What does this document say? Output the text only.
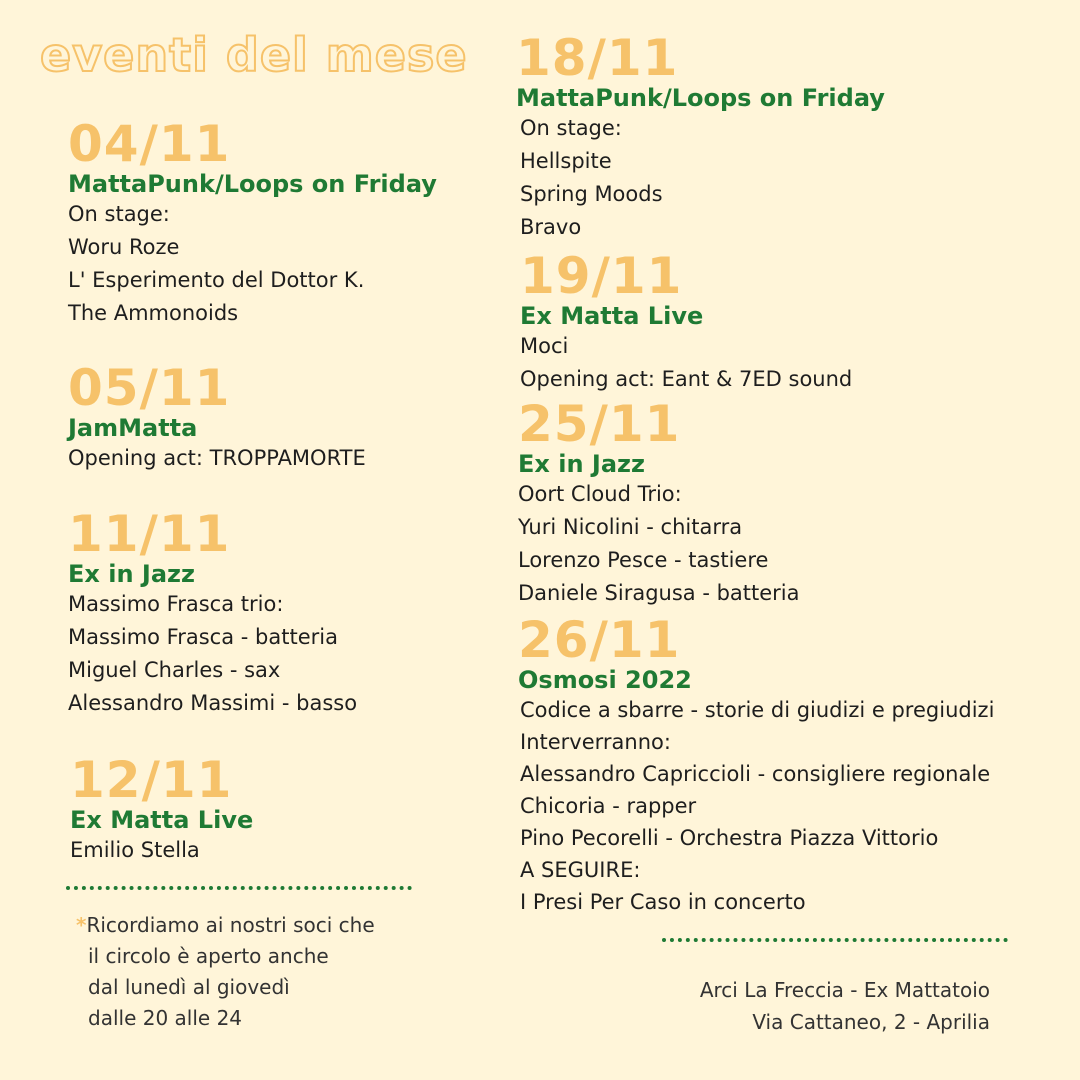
eventi del mese
04/11
MattaPunk/Loops on Friday
On stage:
Woru Roze
L' Esperimento del Dottor K.
The Ammonoids
05/11
JamMatta
Opening act: TROPPAMORTE
11/11
Ex in Jazz
Massimo Frasca trio:
Massimo Frasca - batteria
Miguel Charles - sax
Alessandro Massimi - basso
12/11
Ex Matta Live
Emilio Stella
*Ricordiamo ai nostri soci che
il circolo è aperto anche
dal lunedì al giovedì
dalle 20 alle 24
18/11
MattaPunk/Loops on Friday
On stage:
Hellspite
Spring Moods
Bravo
19/11
Ex Matta Live
Moci
Opening act: Eant & 7ED sound
25/11
Ex in Jazz
Oort Cloud Trio:
Yuri Nicolini - chitarra
Lorenzo Pesce - tastiere
Daniele Siragusa - batteria
26/11
Osmosi 2022
Codice a sbarre - storie di giudizi e pregiudizi
Interverranno:
Alessandro Capriccioli - consigliere regionale
Chicoria - rapper
Pino Pecorelli - Orchestra Piazza Vittorio
A SEGUIRE:
I Presi Per Caso in concerto
Arci La Freccia - Ex Mattatoio
Via Cattaneo, 2 - Aprilia
